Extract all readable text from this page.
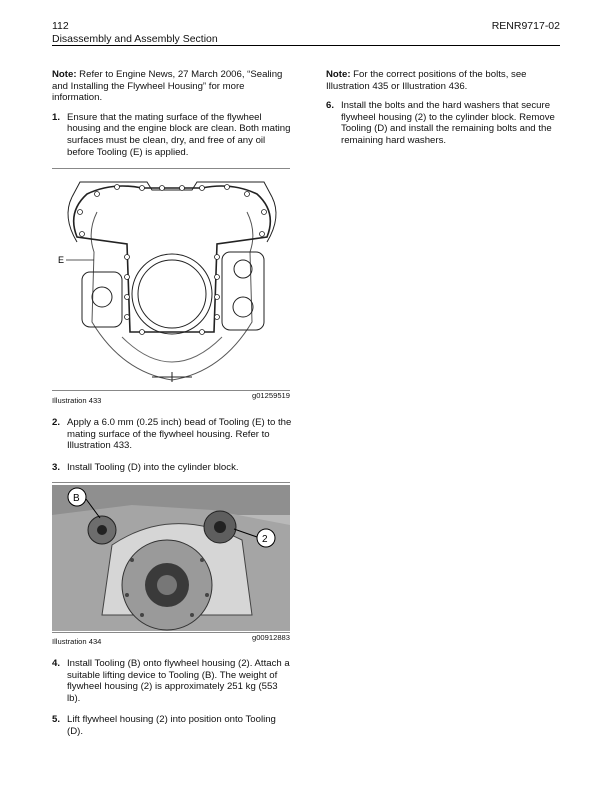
112
Disassembly and Assembly Section
RENR9717-02

Note: Refer to Engine News, 27 March 2006, “Sealing and Installing the Flywheel Housing” for more information.

1. Ensure that the mating surface of the flywheel housing and the engine block are clean. Both mating surfaces must be clean, dry, and free of any oil before Tooling (E) is applied.
E
Illustration 433
g01259519
2. Apply a 6.0 mm (0.25 inch) bead of Tooling (E) to the mating surface of the flywheel housing. Refer to Illustration 433.
3. Install Tooling (D) into the cylinder block.
B
2
Illustration 434	g00912883
4. Install Tooling (B) onto flywheel housing (2). Attach a suitable lifting device to Tooling (B). The weight of flywheel housing (2) is approximately 251 kg (553 lb).
5. Lift flywheel housing (2) into position onto Tooling (D).

Note: For the correct positions of the bolts, see Illustration 435 or Illustration 436.

6. Install the bolts and the hard washers that secure flywheel housing (2) to the cylinder block. Remove Tooling (D) and install the remaining bolts and the remaining hard washers.
